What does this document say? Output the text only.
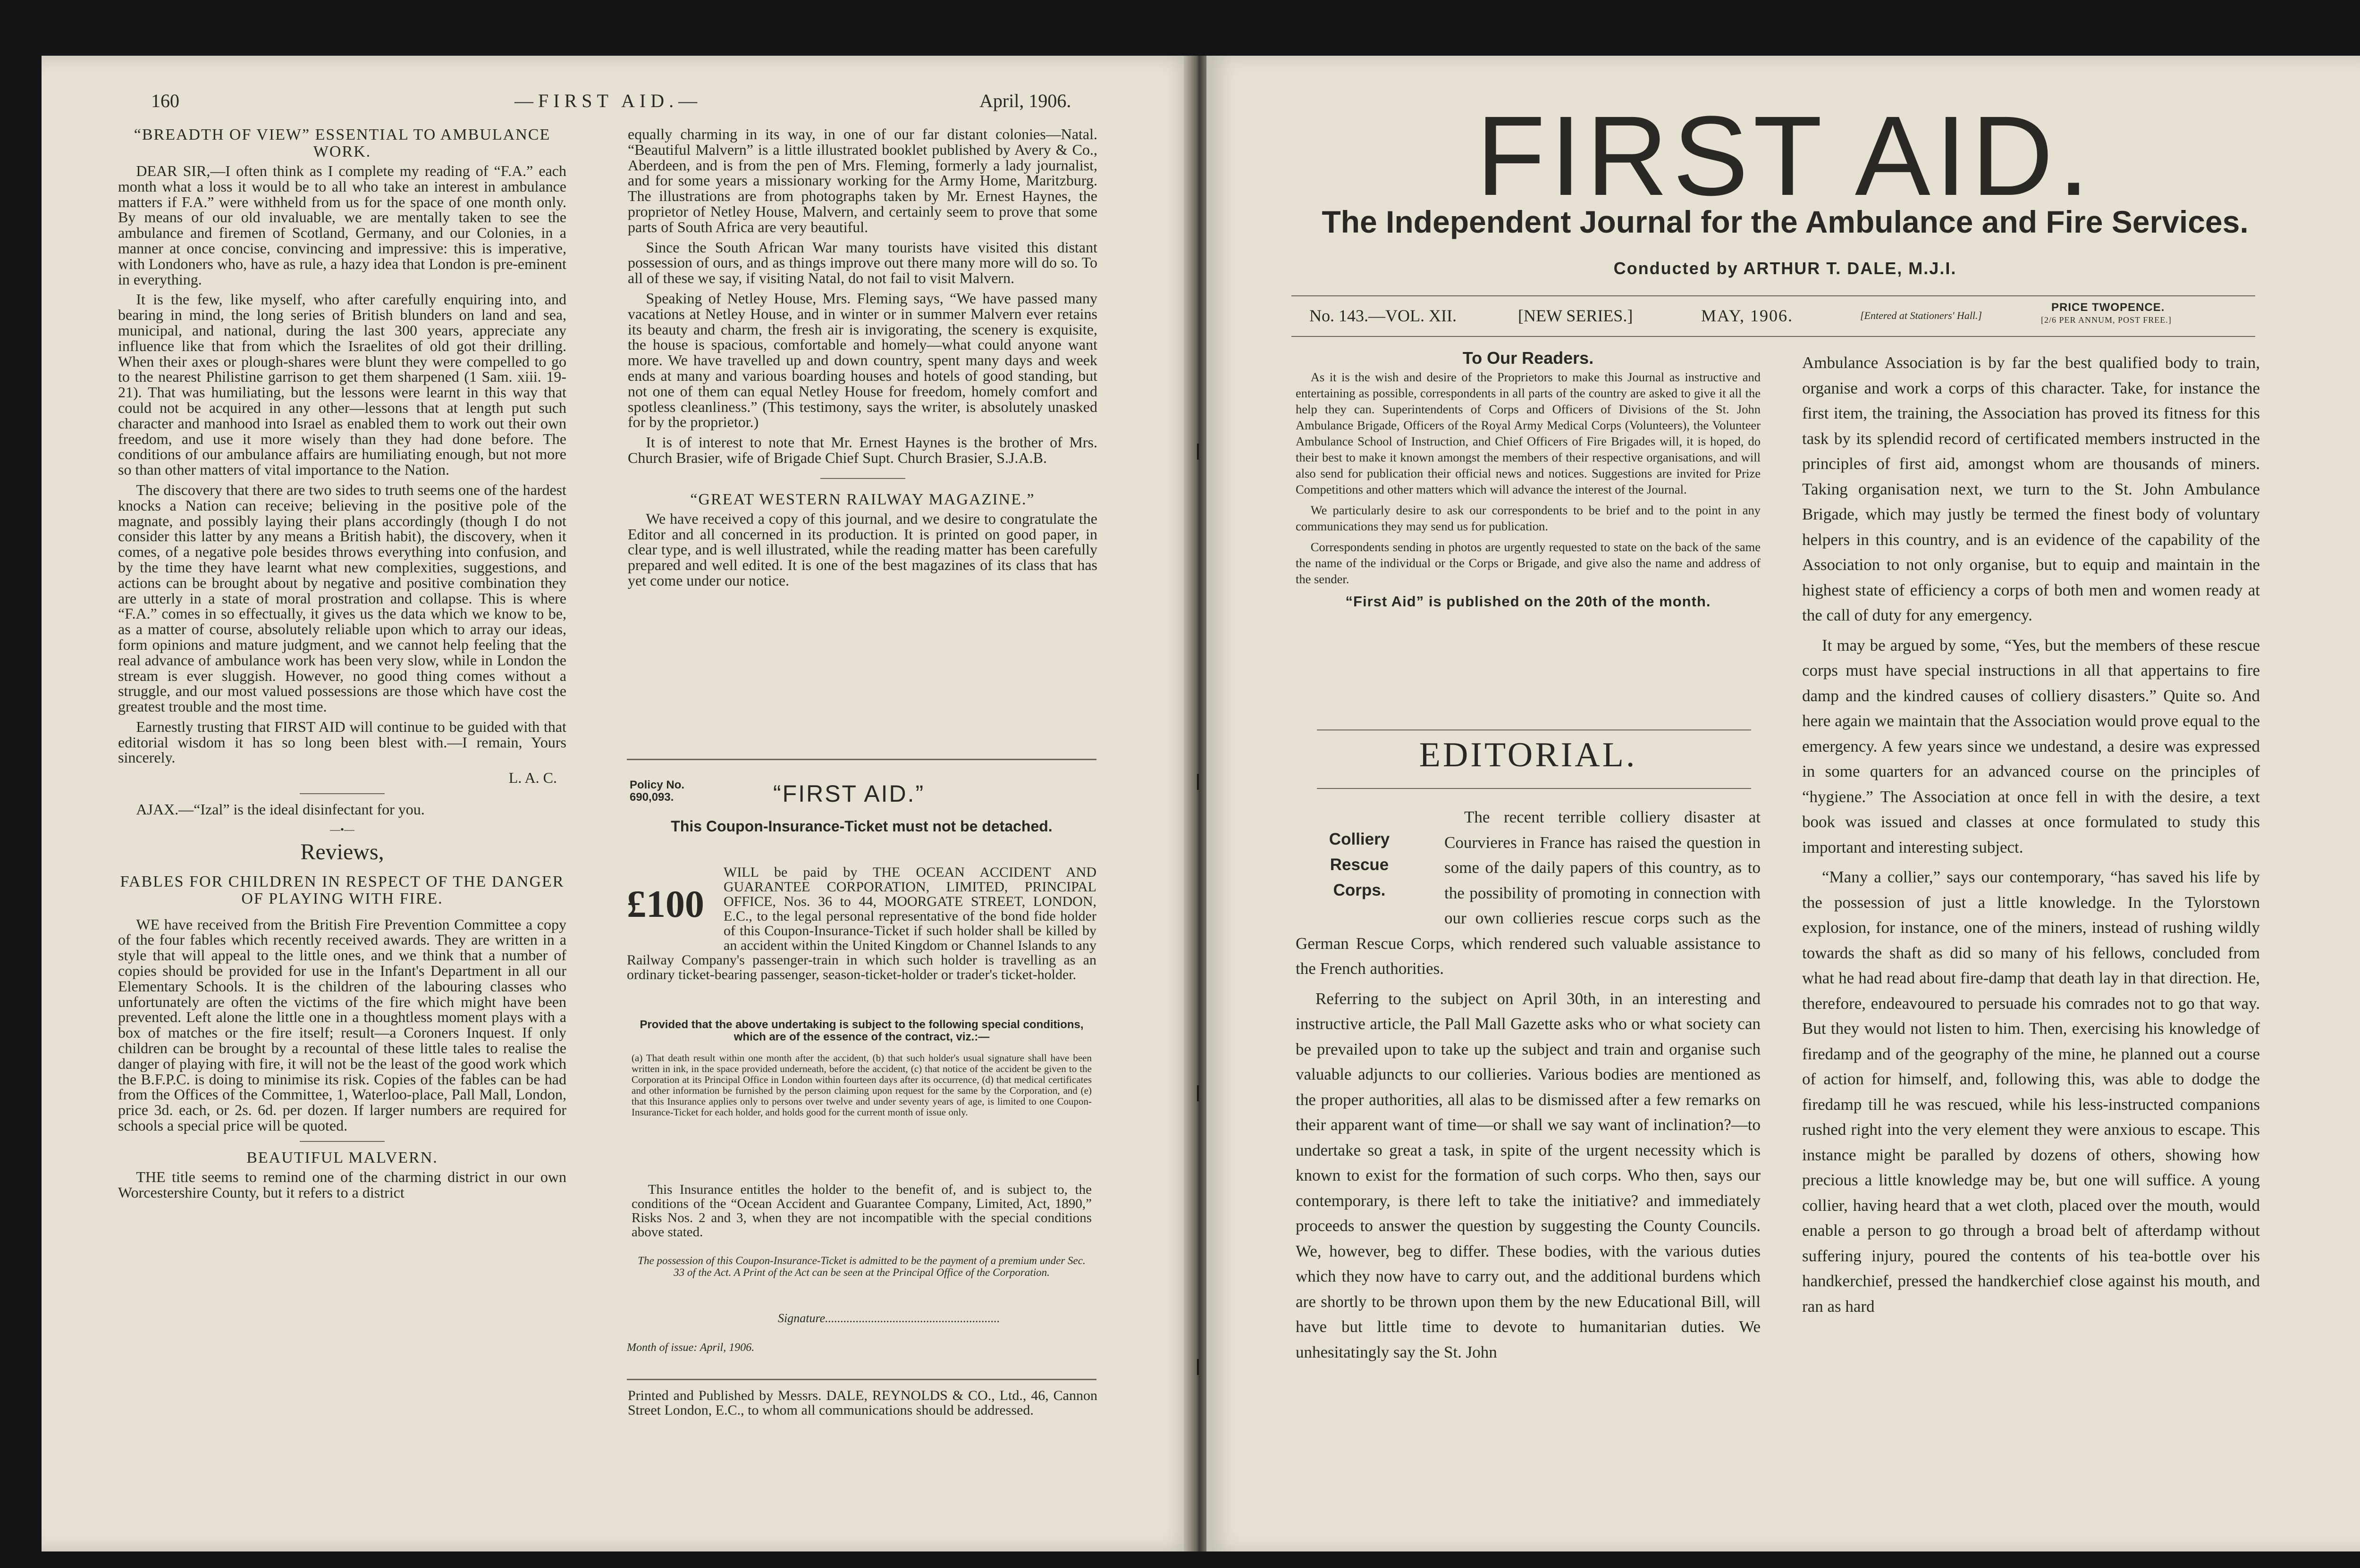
160	—FIRST AID.—	April, 1906.
“BREADTH OF VIEW” ESSENTIAL TO AMBULANCE WORK.

DEAR SIR,—I often think as I complete my reading of “F.A.” each month what a loss it would be to all who take an interest in ambulance matters if F.A.” were withheld from us for the space of one month only. By means of our old invaluable, we are mentally taken to see the ambulance and firemen of Scotland, Germany, and our Colonies, in a manner at once concise, convincing and impressive: this is imperative, with Londoners who, have as rule, a hazy idea that London is pre-eminent in everything.

It is the few, like myself, who after carefully enquiring into, and bearing in mind, the long series of British blunders on land and sea, municipal, and national, during the last 300 years, appreciate any influence like that from which the Israelites of old got their drilling. When their axes or plough-shares were blunt they were compelled to go to the nearest Philistine garrison to get them sharpened (1 Sam. xiii. 19-21). That was humiliating, but the lessons were learnt in this way that could not be acquired in any other—lessons that at length put such character and manhood into Israel as enabled them to work out their own freedom, and use it more wisely than they had done before. The conditions of our ambulance affairs are humiliating enough, but not more so than other matters of vital importance to the Nation.

The discovery that there are two sides to truth seems one of the hardest knocks a Nation can receive; believing in the positive pole of the magnate, and possibly laying their plans accordingly (though I do not consider this latter by any means a British habit), the discovery, when it comes, of a negative pole besides throws everything into confusion, and by the time they have learnt what new complexities, suggestions, and actions can be brought about by negative and positive combination they are utterly in a state of moral prostration and collapse. This is where “F.A.” comes in so effectually, it gives us the data which we know to be, as a matter of course, absolutely reliable upon which to array our ideas, form opinions and mature judgment, and we cannot help feeling that the real advance of ambulance work has been very slow, while in London the stream is ever sluggish. However, no good thing comes without a struggle, and our most valued possessions are those which have cost the greatest trouble and the most time.

Earnestly trusting that FIRST AID will continue to be guided with that editorial wisdom it has so long been blest with.—I remain, Yours sincerely.

L. A. C.

AJAX.—“Izal” is the ideal disinfectant for you.

—•—
Reviews,
FABLES FOR CHILDREN IN RESPECT OF THE DANGER OF PLAYING WITH FIRE.

WE have received from the British Fire Prevention Committee a copy of the four fables which recently received awards. They are written in a style that will appeal to the little ones, and we think that a number of copies should be provided for use in the Infant's Department in all our Elementary Schools. It is the children of the labouring classes who unfortunately are often the victims of the fire which might have been prevented. Left alone the little one in a thoughtless moment plays with a box of matches or the fire itself; result—a Coroners Inquest. If only children can be brought by a recountal of these little tales to realise the danger of playing with fire, it will not be the least of the good work which the B.F.P.C. is doing to minimise its risk. Copies of the fables can be had from the Offices of the Committee, 1, Waterloo-place, Pall Mall, London, price 3d. each, or 2s. 6d. per dozen. If larger numbers are required for schools a special price will be quoted.

BEAUTIFUL MALVERN.

THE title seems to remind one of the charming district in our own Worcestershire County, but it refers to a district

equally charming in its way, in one of our far distant colonies—Natal. “Beautiful Malvern” is a little illustrated booklet published by Avery & Co., Aberdeen, and is from the pen of Mrs. Fleming, formerly a lady journalist, and for some years a missionary working for the Army Home, Maritzburg. The illustrations are from photographs taken by Mr. Ernest Haynes, the proprietor of Netley House, Malvern, and certainly seem to prove that some parts of South Africa are very beautiful.

Since the South African War many tourists have visited this distant possession of ours, and as things improve out there many more will do so. To all of these we say, if visiting Natal, do not fail to visit Malvern.

Speaking of Netley House, Mrs. Fleming says, “We have passed many vacations at Netley House, and in winter or in summer Malvern ever retains its beauty and charm, the fresh air is invigorating, the scenery is exquisite, the house is spacious, comfortable and homely—what could anyone want more. We have travelled up and down country, spent many days and week ends at many and various boarding houses and hotels of good standing, but not one of them can equal Netley House for freedom, homely comfort and spotless cleanliness.” (This testimony, says the writer, is absolutely unasked for by the proprietor.)

It is of interest to note that Mr. Ernest Haynes is the brother of Mrs. Church Brasier, wife of Brigade Chief Supt. Church Brasier, S.J.A.B.

“GREAT WESTERN RAILWAY MAGAZINE.”

We have received a copy of this journal, and we desire to congratulate the Editor and all concerned in its production. It is printed on good paper, in clear type, and is well illustrated, while the reading matter has been carefully prepared and well edited. It is one of the best magazines of its class that has yet come under our notice.

Policy No.
690,093.	“FIRST AID.”
This Coupon-Insurance-Ticket must not be detached.
£100
WILL be paid by THE OCEAN ACCIDENT AND GUARANTEE CORPORATION, LIMITED, PRINCIPAL OFFICE, Nos. 36 to 44, MOORGATE STREET, LONDON, E.C., to the legal personal representative of the bond fide holder of this Coupon-Insurance-Ticket if such holder shall be killed by an accident within the United Kingdom or Channel Islands to any Railway Company's passenger-train in which such holder is travelling as an ordinary ticket-bearing passenger, season-ticket-holder or trader's ticket-holder.
Provided that the above undertaking is subject to the following special conditions, which are of the essence of the contract, viz.:—
(a) That death result within one month after the accident, (b) that such holder's usual signature shall have been written in ink, in the space provided underneath, before the accident, (c) that notice of the accident be given to the Corporation at its Principal Office in London within fourteen days after its occurrence, (d) that medical certificates and other information be furnished by the person claiming upon request for the same by the Corporation, and (e) that this Insurance applies only to persons over twelve and under seventy years of age, is limited to one Coupon-Insurance-Ticket for each holder, and holds good for the current month of issue only.
This Insurance entitles the holder to the benefit of, and is subject to, the conditions of the “Ocean Accident and Guarantee Company, Limited, Act, 1890,” Risks Nos. 2 and 3, when they are not incompatible with the special conditions above stated.
The possession of this Coupon-Insurance-Ticket is admitted to be the payment of a premium under Sec. 33 of the Act. A Print of the Act can be seen at the Principal Office of the Corporation.
Signature.........................................................
Month of issue: April, 1906.
Printed and Published by Messrs. DALE, REYNOLDS & CO., Ltd., 46, Cannon Street London, E.C., to whom all communications should be addressed.
FIRST AID.
The Independent Journal for the Ambulance and Fire Services.
Conducted by ARTHUR T. DALE, M.J.I.
No. 143.—VOL. XII.	[NEW SERIES.]	MAY, 1906.	[Entered at Stationers' Hall.]
PRICE TWOPENCE.
[2/6 PER ANNUM, POST FREE.]
To Our Readers.

As it is the wish and desire of the Proprietors to make this Journal as instructive and entertaining as possible, correspondents in all parts of the country are asked to give it all the help they can. Superintendents of Corps and Officers of Divisions of the St. John Ambulance Brigade, Officers of the Royal Army Medical Corps (Volunteers), the Volunteer Ambulance School of Instruction, and Chief Officers of Fire Brigades will, it is hoped, do their best to make it known amongst the members of their respective organisations, and will also send for publication their official news and notices. Suggestions are invited for Prize Competitions and other matters which will advance the interest of the Journal.

We particularly desire to ask our correspondents to be brief and to the point in any communications they may send us for publication.

Correspondents sending in photos are urgently requested to state on the back of the same the name of the individual or the Corps or Brigade, and give also the name and address of the sender.

“First Aid” is published on the 20th of the month.
EDITORIAL.
Colliery
Rescue
Corps.

The recent terrible colliery disaster at Courvieres in France has raised the question in some of the daily papers of this country, as to the possibility of promoting in connection with our own collieries rescue corps such as the German Rescue Corps, which rendered such valuable assistance to the French authorities.

Referring to the subject on April 30th, in an interesting and instructive article, the Pall Mall Gazette asks who or what society can be prevailed upon to take up the subject and train and organise such valuable adjuncts to our collieries. Various bodies are mentioned as the proper authorities, all alas to be dismissed after a few remarks on their apparent want of time—or shall we say want of inclination?—to undertake so great a task, in spite of the urgent necessity which is known to exist for the formation of such corps. Who then, says our contemporary, is there left to take the initiative? and immediately proceeds to answer the question by suggesting the County Councils. We, however, beg to differ. These bodies, with the various duties which they now have to carry out, and the additional burdens which are shortly to be thrown upon them by the new Educational Bill, will have but little time to devote to humanitarian duties. We unhesitatingly say the St. John

Ambulance Association is by far the best qualified body to train, organise and work a corps of this character. Take, for instance the first item, the training, the Association has proved its fitness for this task by its splendid record of certificated members instructed in the principles of first aid, amongst whom are thousands of miners. Taking organisation next, we turn to the St. John Ambulance Brigade, which may justly be termed the finest body of voluntary helpers in this country, and is an evidence of the capability of the Association to not only organise, but to equip and maintain in the highest state of efficiency a corps of both men and women ready at the call of duty for any emergency.

It may be argued by some, “Yes, but the members of these rescue corps must have special instructions in all that appertains to fire damp and the kindred causes of colliery disasters.” Quite so. And here again we maintain that the Association would prove equal to the emergency. A few years since we undestand, a desire was expressed in some quarters for an advanced course on the principles of “hygiene.” The Association at once fell in with the desire, a text book was issued and classes at once formulated to study this important and interesting subject.

“Many a collier,” says our contemporary, “has saved his life by the possession of just a little knowledge. In the Tylorstown explosion, for instance, one of the miners, instead of rushing wildly towards the shaft as did so many of his fellows, concluded from what he had read about fire-damp that death lay in that direction. He, therefore, endeavoured to persuade his comrades not to go that way. But they would not listen to him. Then, exercising his knowledge of firedamp and of the geography of the mine, he planned out a course of action for himself, and, following this, was able to dodge the firedamp till he was rescued, while his less-instructed companions rushed right into the very element they were anxious to escape. This instance might be paralled by dozens of others, showing how precious a little knowledge may be, but one will suffice. A young collier, having heard that a wet cloth, placed over the mouth, would enable a person to go through a broad belt of afterdamp without suffering injury, poured the contents of his tea-bottle over his handkerchief, pressed the handkerchief close against his mouth, and ran as hard
